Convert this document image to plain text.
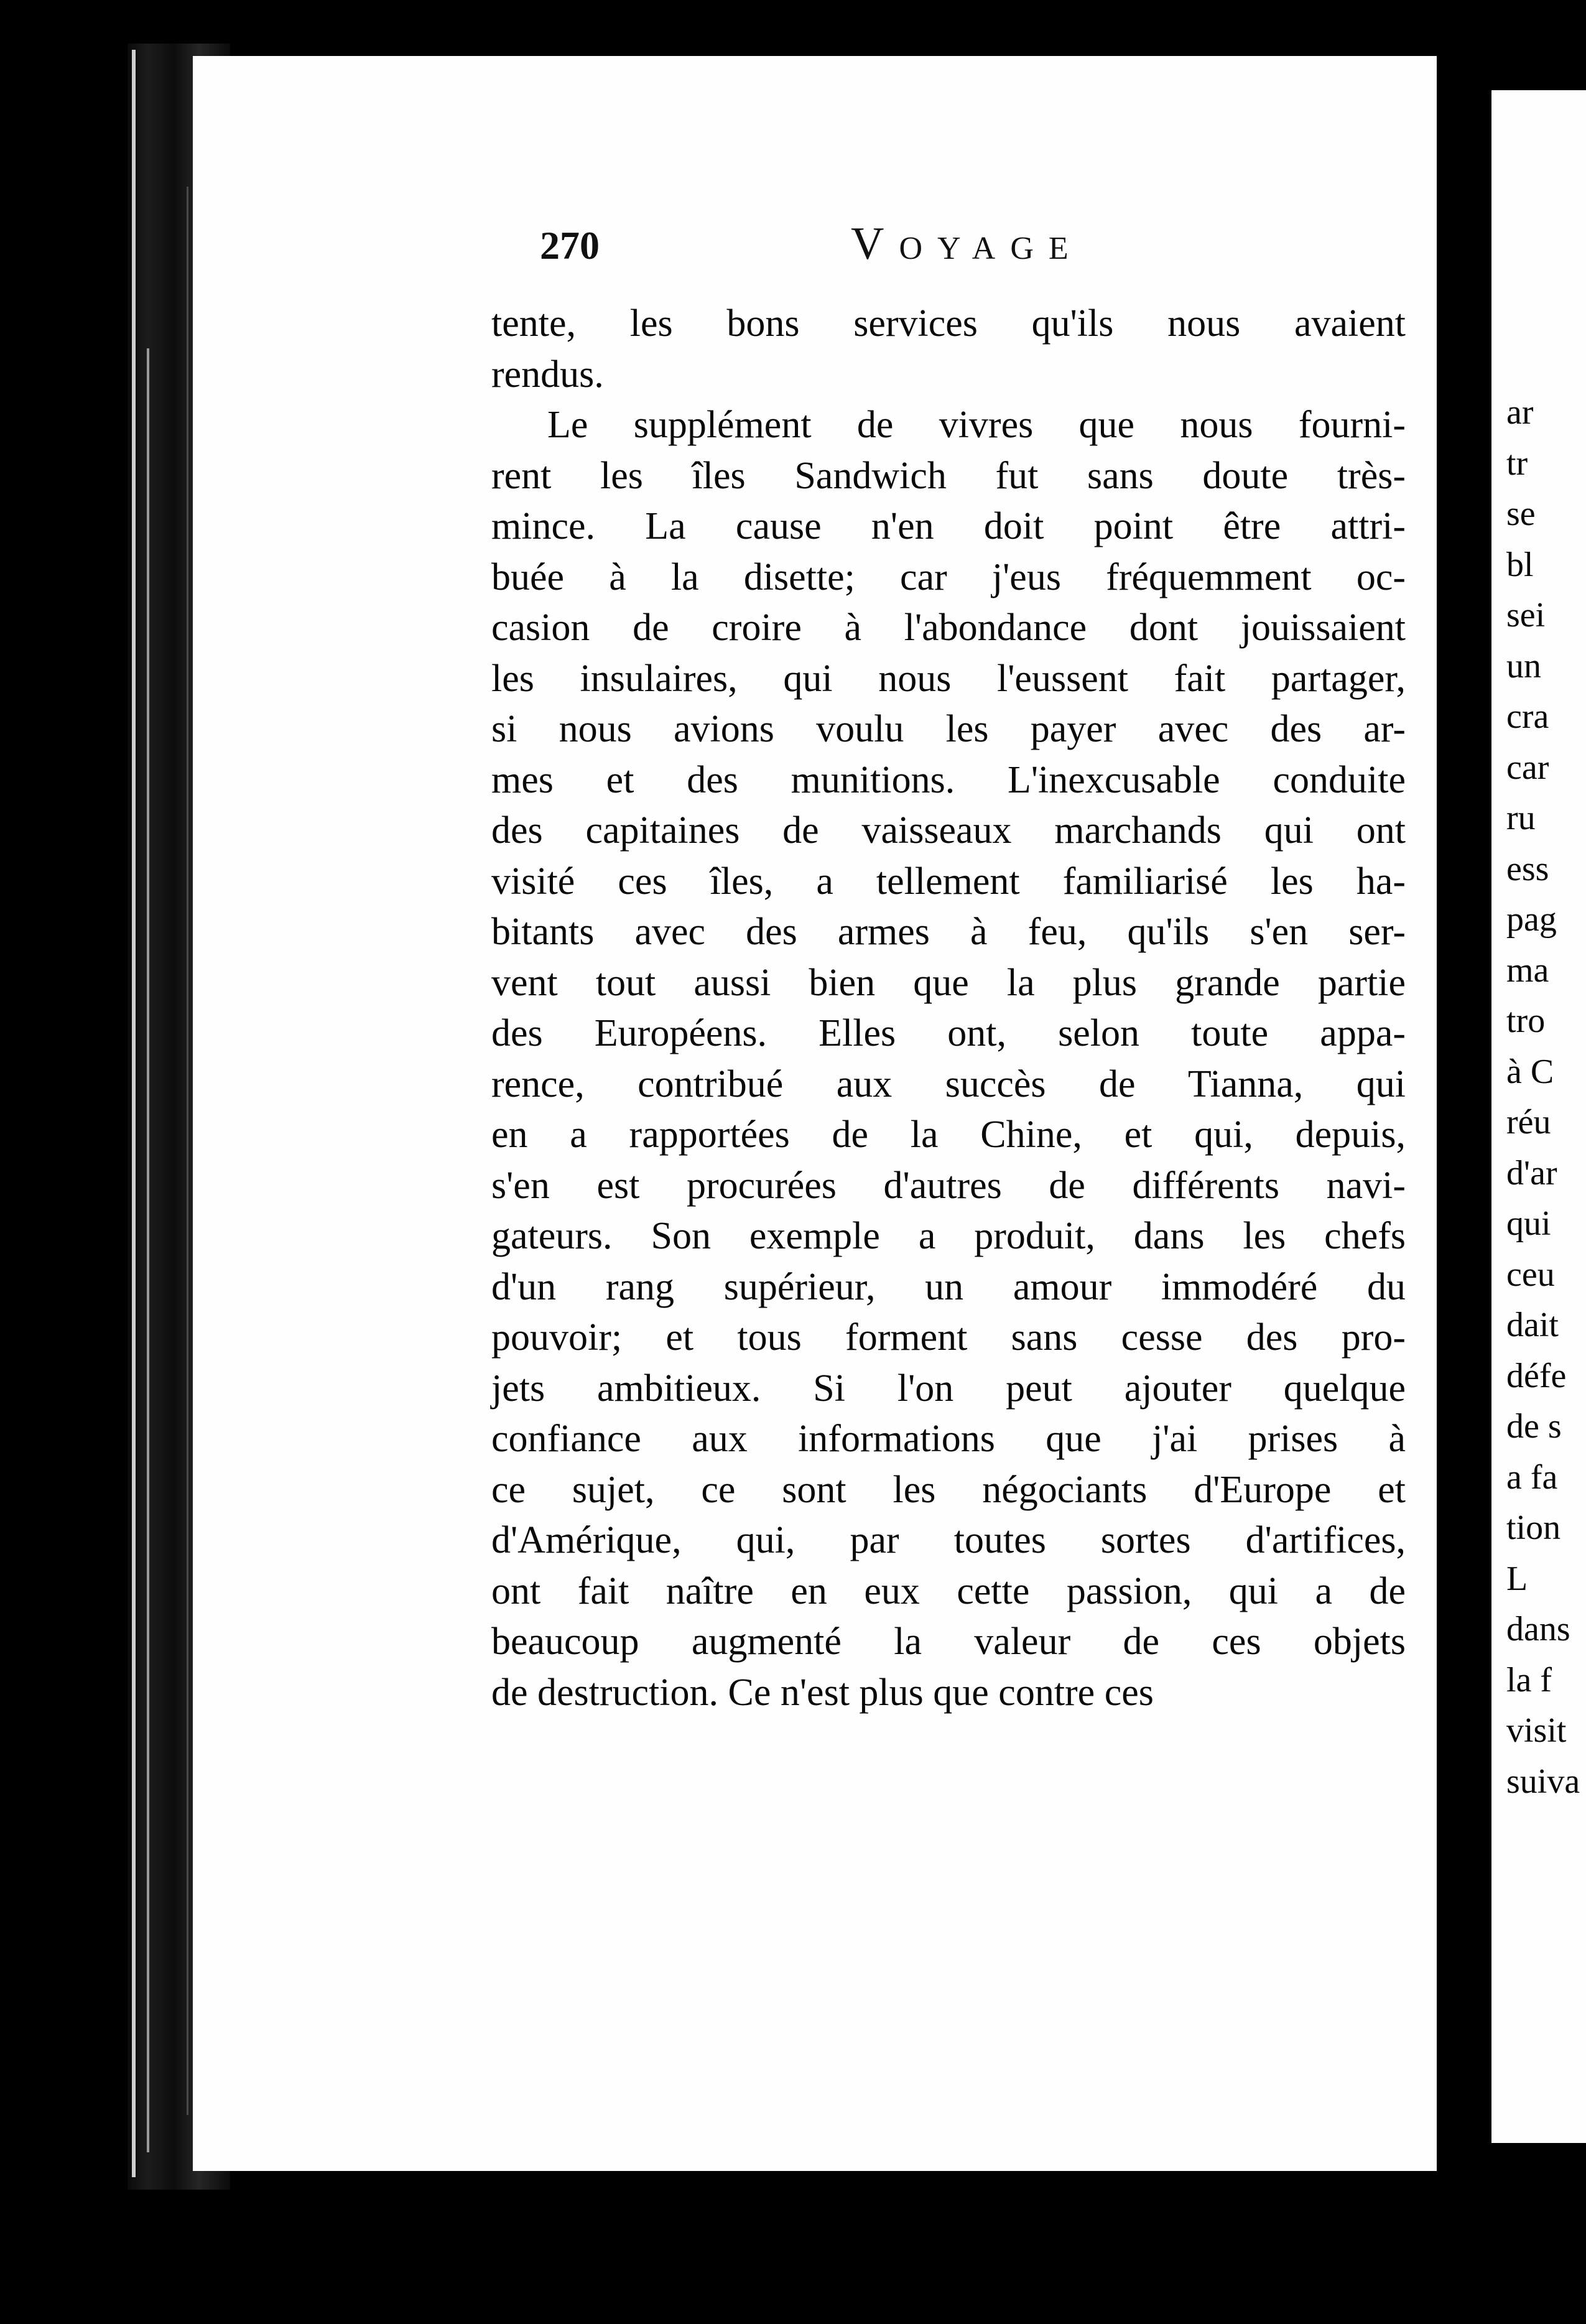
270	Voyage
tente, les bons services qu'ils nous avaient
rendus.
Le supplément de vivres que nous fourni-
rent les îles Sandwich fut sans doute très-
mince. La cause n'en doit point être attri-
buée à la disette; car j'eus fréquemment oc-
casion de croire à l'abondance dont jouissaient
les insulaires, qui nous l'eussent fait partager,
si nous avions voulu les payer avec des ar-
mes et des munitions. L'inexcusable conduite
des capitaines de vaisseaux marchands qui ont
visité ces îles, a tellement familiarisé les ha-
bitants avec des armes à feu, qu'ils s'en ser-
vent tout aussi bien que la plus grande partie
des Européens. Elles ont, selon toute appa-
rence, contribué aux succès de Tianna, qui
en a rapportées de la Chine, et qui, depuis,
s'en est procurées d'autres de différents navi-
gateurs. Son exemple a produit, dans les chefs
d'un rang supérieur, un amour immodéré du
pouvoir; et tous forment sans cesse des pro-
jets ambitieux. Si l'on peut ajouter quelque
confiance aux informations que j'ai prises à
ce sujet, ce sont les négociants d'Europe et
d'Amérique, qui, par toutes sortes d'artifices,
ont fait naître en eux cette passion, qui a de
beaucoup augmenté la valeur de ces objets
de destruction. Ce n'est plus que contre ces
ar
tr
se
bl
sei
un
cra
car
ru
ess
pag
ma
tro
à C
réu
d'ar
qui
ceu
dait
défe
de s
a fa
tion
L
dans
la f
visit
suiva
